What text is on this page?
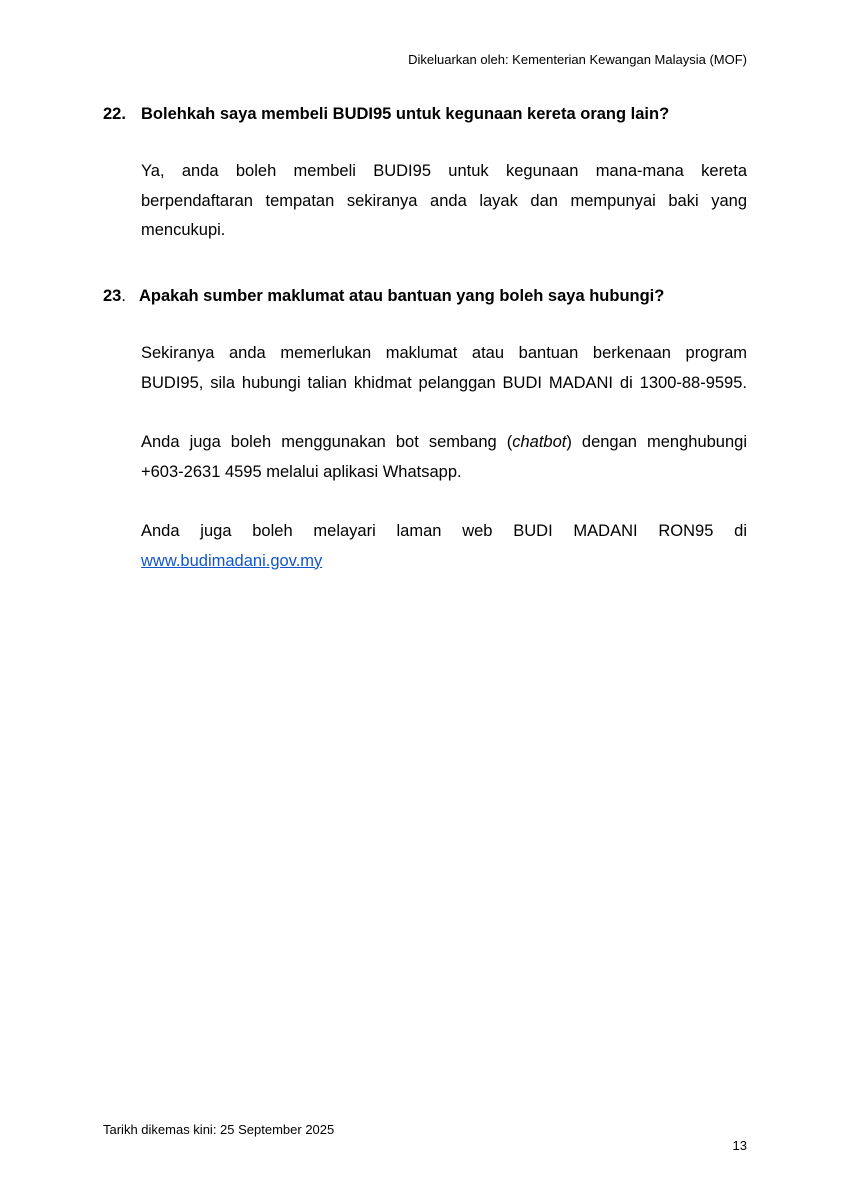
Dikeluarkan oleh: Kementerian Kewangan Malaysia (MOF)
22. Bolehkah saya membeli BUDI95 untuk kegunaan kereta orang lain?
Ya, anda boleh membeli BUDI95 untuk kegunaan mana-mana kereta
berpendaftaran tempatan sekiranya anda layak dan mempunyai baki yang
mencukupi.
23. Apakah sumber maklumat atau bantuan yang boleh saya hubungi?
Sekiranya anda memerlukan maklumat atau bantuan berkenaan program
BUDI95, sila hubungi talian khidmat pelanggan BUDI MADANI di 1300-88-9595.
Anda juga boleh menggunakan bot sembang (chatbot) dengan menghubungi
+603-2631 4595 melalui aplikasi Whatsapp.
Anda juga boleh melayari laman web BUDI MADANI RON95 di
www.budimadani.gov.my
Tarikh dikemas kini: 25 September 2025
13
